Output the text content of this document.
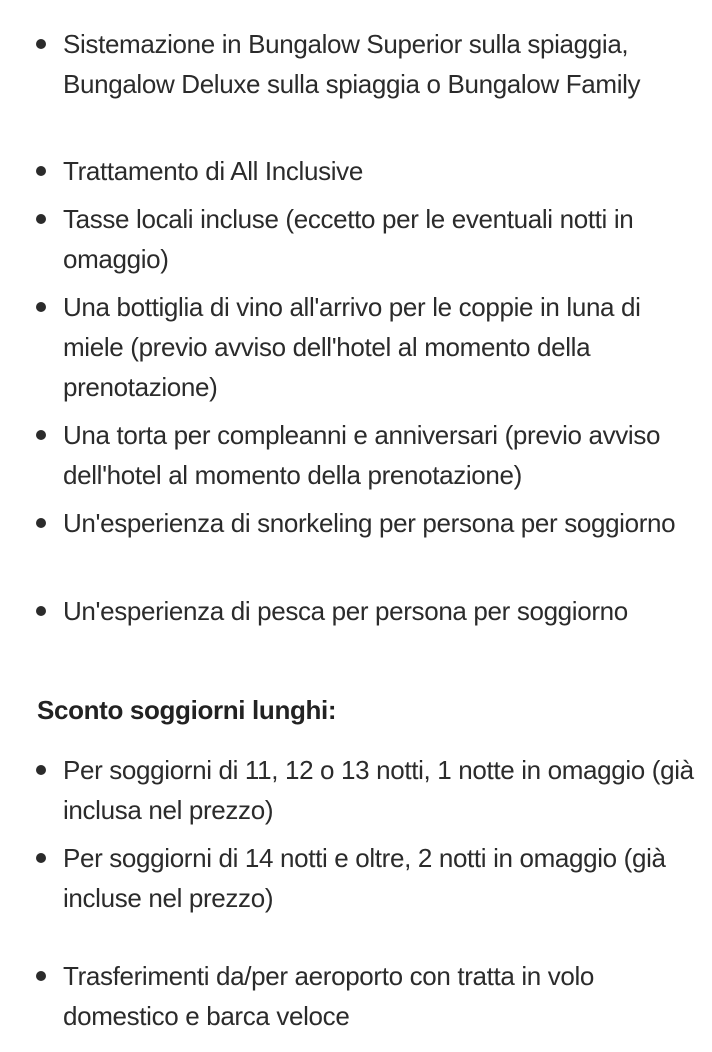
Sistemazione in Bungalow Superior sulla spiaggia, Bungalow Deluxe sulla spiaggia o Bungalow Family
Trattamento di All Inclusive
Tasse locali incluse (eccetto per le eventuali notti in omaggio)
Una bottiglia di vino all'arrivo per le coppie in luna di miele (previo avviso dell'hotel al momento della prenotazione)
Una torta per compleanni e anniversari (previo avviso dell'hotel al momento della prenotazione)
Un'esperienza di snorkeling per persona per soggiorno
Un'esperienza di pesca per persona per soggiorno
Sconto soggiorni lunghi:
Per soggiorni di 11, 12 o 13 notti, 1 notte in omaggio (già inclusa nel prezzo)
Per soggiorni di 14 notti e oltre, 2 notti in omaggio (già incluse nel prezzo)
Trasferimenti da/per aeroporto con tratta in volo domestico e barca veloce
